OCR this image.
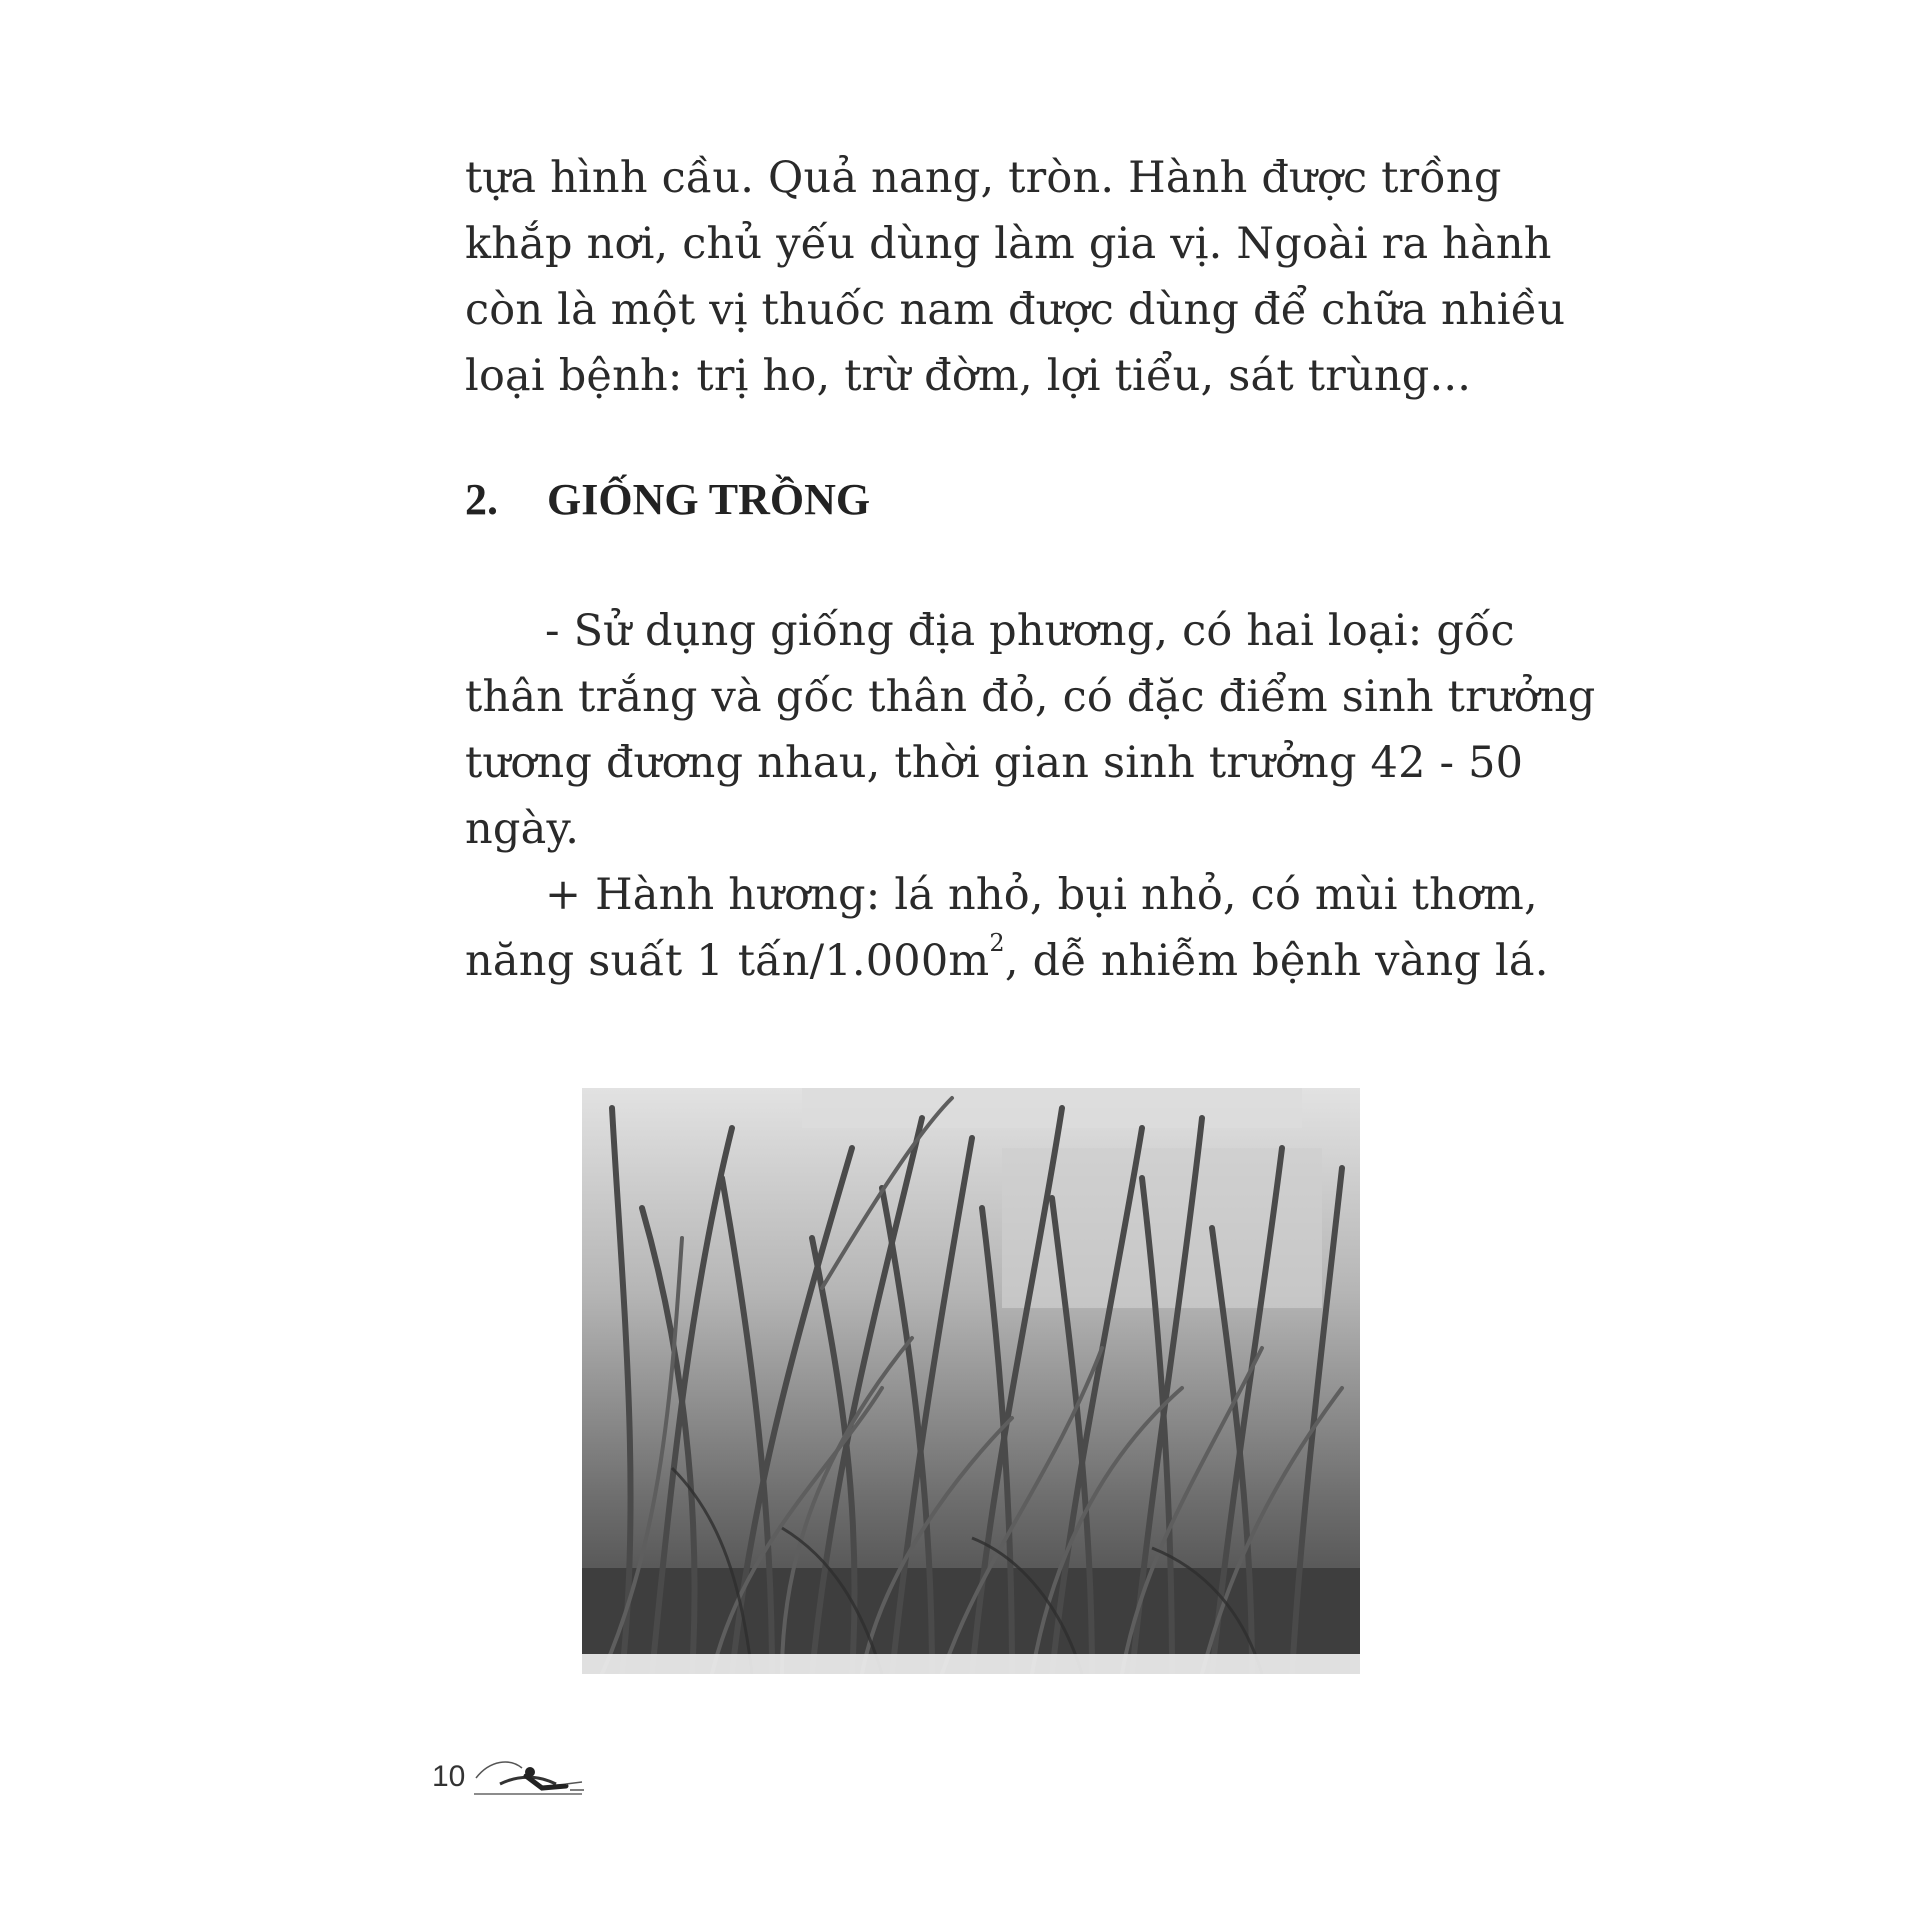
tựa hình cầu. Quả nang, tròn. Hành được trồng
khắp nơi, chủ yếu dùng làm gia vị. Ngoài ra hành
còn là một vị thuốc nam được dùng để chữa nhiều
loại bệnh: trị ho, trừ đờm, lợi tiểu, sát trùng...
2. GIỐNG TRỒNG
- Sử dụng giống địa phương, có hai loại: gốc
thân trắng và gốc thân đỏ, có đặc điểm sinh trưởng
tương đương nhau, thời gian sinh trưởng 42 - 50
ngày.
+ Hành hương: lá nhỏ, bụi nhỏ, có mùi thơm,
năng suất 1 tấn/$1.000m^2$, dễ nhiễm bệnh vàng lá.
10
